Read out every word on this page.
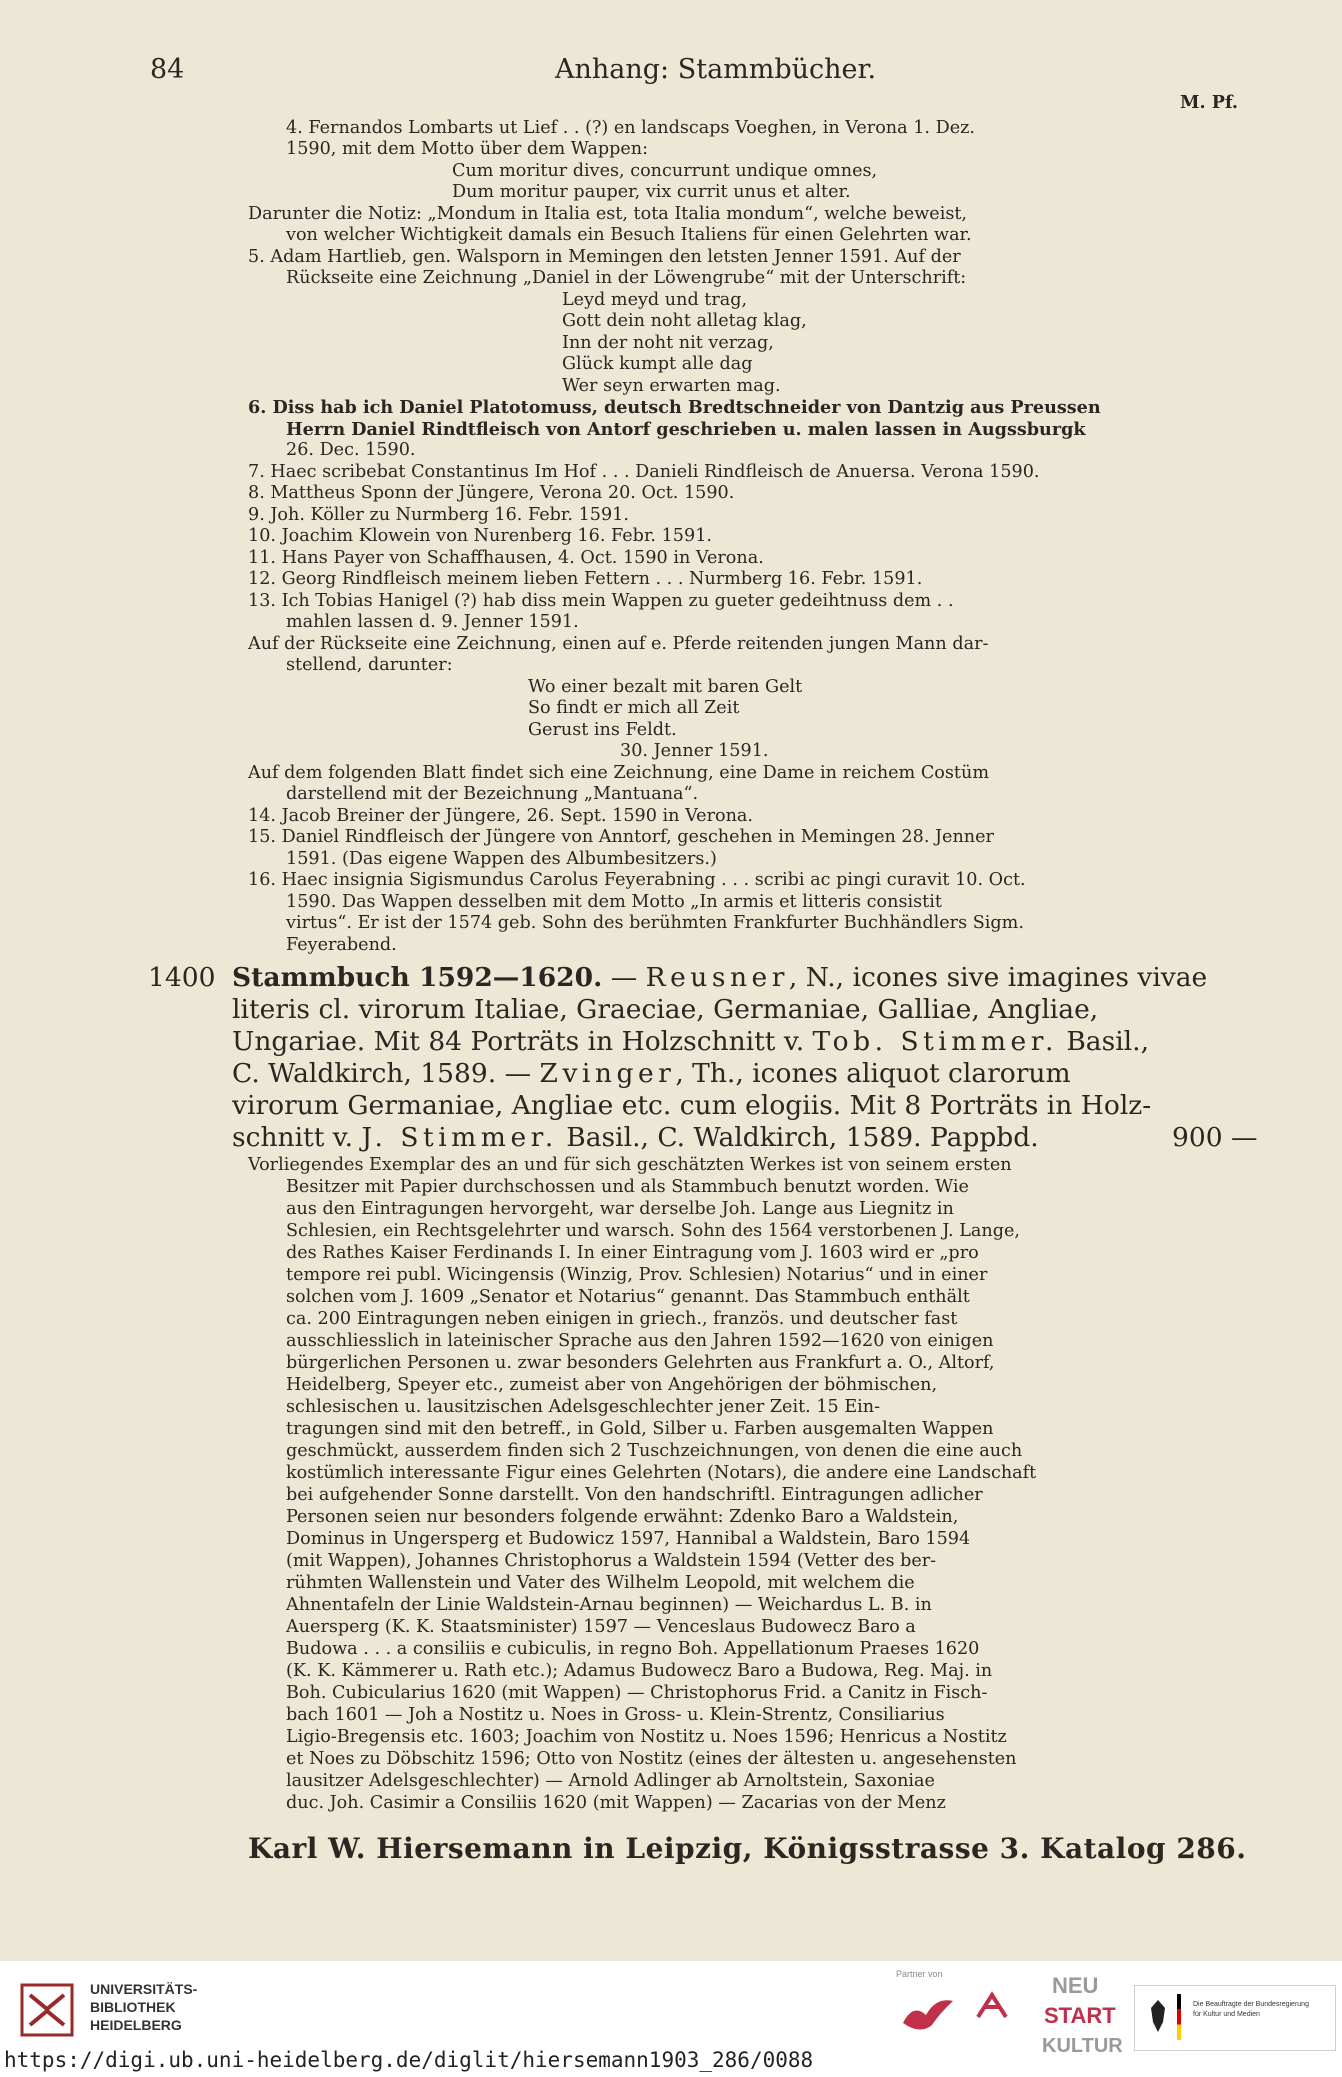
84	Anhang: Stammbücher.
M. Pf.
4. Fernandos Lombarts ut Lief . . (?) en landscaps Voeghen, in Verona 1. Dez.
1590, mit dem Motto über dem Wappen:
Cum moritur dives, concurrunt undique omnes,
Dum moritur pauper, vix currit unus et alter.
Darunter die Notiz: „Mondum in Italia est, tota Italia mondum“, welche beweist,
von welcher Wichtigkeit damals ein Besuch Italiens für einen Gelehrten war.
5. Adam Hartlieb, gen. Walsporn in Memingen den letsten Jenner 1591. Auf der
Rückseite eine Zeichnung „Daniel in der Löwengrube“ mit der Unterschrift:
Leyd meyd und trag,
Gott dein noht alletag klag,
Inn der noht nit verzag,
Glück kumpt alle dag
Wer seyn erwarten mag.
6. Diss hab ich Daniel Platotomuss, deutsch Bredtschneider von Dantzig aus Preussen
Herrn Daniel Rindtfleisch von Antorf geschrieben u. malen lassen in Augssburgk
26. Dec. 1590.
7. Haec scribebat Constantinus Im Hof . . . Danieli Rindfleisch de Anuersa. Verona 1590.
8. Mattheus Sponn der Jüngere, Verona 20. Oct. 1590.
9. Joh. Köller zu Nurmberg 16. Febr. 1591.
10. Joachim Klowein von Nurenberg 16. Febr. 1591.
11. Hans Payer von Schaffhausen, 4. Oct. 1590 in Verona.
12. Georg Rindfleisch meinem lieben Fettern . . . Nurmberg 16. Febr. 1591.
13. Ich Tobias Hanigel (?) hab diss mein Wappen zu gueter gedeihtnuss dem . .
mahlen lassen d. 9. Jenner 1591.
Auf der Rückseite eine Zeichnung, einen auf e. Pferde reitenden jungen Mann dar-
stellend, darunter:
Wo einer bezalt mit baren Gelt
So findt er mich all Zeit
Gerust ins Feldt.
30. Jenner 1591.
Auf dem folgenden Blatt findet sich eine Zeichnung, eine Dame in reichem Costüm
darstellend mit der Bezeichnung „Mantuana“.
14. Jacob Breiner der Jüngere, 26. Sept. 1590 in Verona.
15. Daniel Rindfleisch der Jüngere von Anntorf, geschehen in Memingen 28. Jenner
1591. (Das eigene Wappen des Albumbesitzers.)
16. Haec insignia Sigismundus Carolus Feyerabning . . . scribi ac pingi curavit 10. Oct.
1590. Das Wappen desselben mit dem Motto „In armis et litteris consistit
virtus“. Er ist der 1574 geb. Sohn des berühmten Frankfurter Buchhändlers Sigm.
Feyerabend.
1400 Stammbuch 1592—1620. — Reusner, N., icones sive imagines vivae
literis cl. virorum Italiae, Graeciae, Germaniae, Galliae, Angliae,
Ungariae. Mit 84 Porträts in Holzschnitt v. Tob. Stimmer. Basil.,
C. Waldkirch, 1589. — Zvinger, Th., icones aliquot clarorum
virorum Germaniae, Angliae etc. cum elogiis. Mit 8 Porträts in Holz-
schnitt v. J. Stimmer. Basil., C. Waldkirch, 1589. Pappbd.	900 —
Vorliegendes Exemplar des an und für sich geschätzten Werkes ist von seinem ersten
Besitzer mit Papier durchschossen und als Stammbuch benutzt worden. Wie
aus den Eintragungen hervorgeht, war derselbe Joh. Lange aus Liegnitz in
Schlesien, ein Rechtsgelehrter und warsch. Sohn des 1564 verstorbenen J. Lange,
des Rathes Kaiser Ferdinands I. In einer Eintragung vom J. 1603 wird er „pro
tempore rei publ. Wicingensis (Winzig, Prov. Schlesien) Notarius“ und in einer
solchen vom J. 1609 „Senator et Notarius“ genannt. Das Stammbuch enthält
ca. 200 Eintragungen neben einigen in griech., französ. und deutscher fast
ausschliesslich in lateinischer Sprache aus den Jahren 1592—1620 von einigen
bürgerlichen Personen u. zwar besonders Gelehrten aus Frankfurt a. O., Altorf,
Heidelberg, Speyer etc., zumeist aber von Angehörigen der böhmischen,
schlesischen u. lausitzischen Adelsgeschlechter jener Zeit. 15 Ein-
tragungen sind mit den betreff., in Gold, Silber u. Farben ausgemalten Wappen
geschmückt, ausserdem finden sich 2 Tuschzeichnungen, von denen die eine auch
kostümlich interessante Figur eines Gelehrten (Notars), die andere eine Landschaft
bei aufgehender Sonne darstellt. Von den handschriftl. Eintragungen adlicher
Personen seien nur besonders folgende erwähnt: Zdenko Baro a Waldstein,
Dominus in Ungersperg et Budowicz 1597, Hannibal a Waldstein, Baro 1594
(mit Wappen), Johannes Christophorus a Waldstein 1594 (Vetter des ber-
rühmten Wallenstein und Vater des Wilhelm Leopold, mit welchem die
Ahnentafeln der Linie Waldstein-Arnau beginnen) — Weichardus L. B. in
Auersperg (K. K. Staatsminister) 1597 — Venceslaus Budowecz Baro a
Budowa . . . a consiliis e cubiculis, in regno Boh. Appellationum Praeses 1620
(K. K. Kämmerer u. Rath etc.); Adamus Budowecz Baro a Budowa, Reg. Maj. in
Boh. Cubicularius 1620 (mit Wappen) — Christophorus Frid. a Canitz in Fisch-
bach 1601 — Joh a Nostitz u. Noes in Gross- u. Klein-Strentz, Consiliarius
Ligio-Bregensis etc. 1603; Joachim von Nostitz u. Noes 1596; Henricus a Nostitz
et Noes zu Döbschitz 1596; Otto von Nostitz (eines der ältesten u. angesehensten
lausitzer Adelsgeschlechter) — Arnold Adlinger ab Arnoltstein, Saxoniae
duc. Joh. Casimir a Consiliis 1620 (mit Wappen) — Zacarias von der Menz
Karl W. Hiersemann in Leipzig, Königsstrasse 3. Katalog 286.
UNIVERSITÄTS-
BIBLIOTHEK
HEIDELBERG
Partner von	NEU
START
KULTUR
Die Beauftragte der Bundesregierung
für Kultur und Medien
https://digi.ub.uni-heidelberg.de/diglit/hiersemann1903_286/0088
